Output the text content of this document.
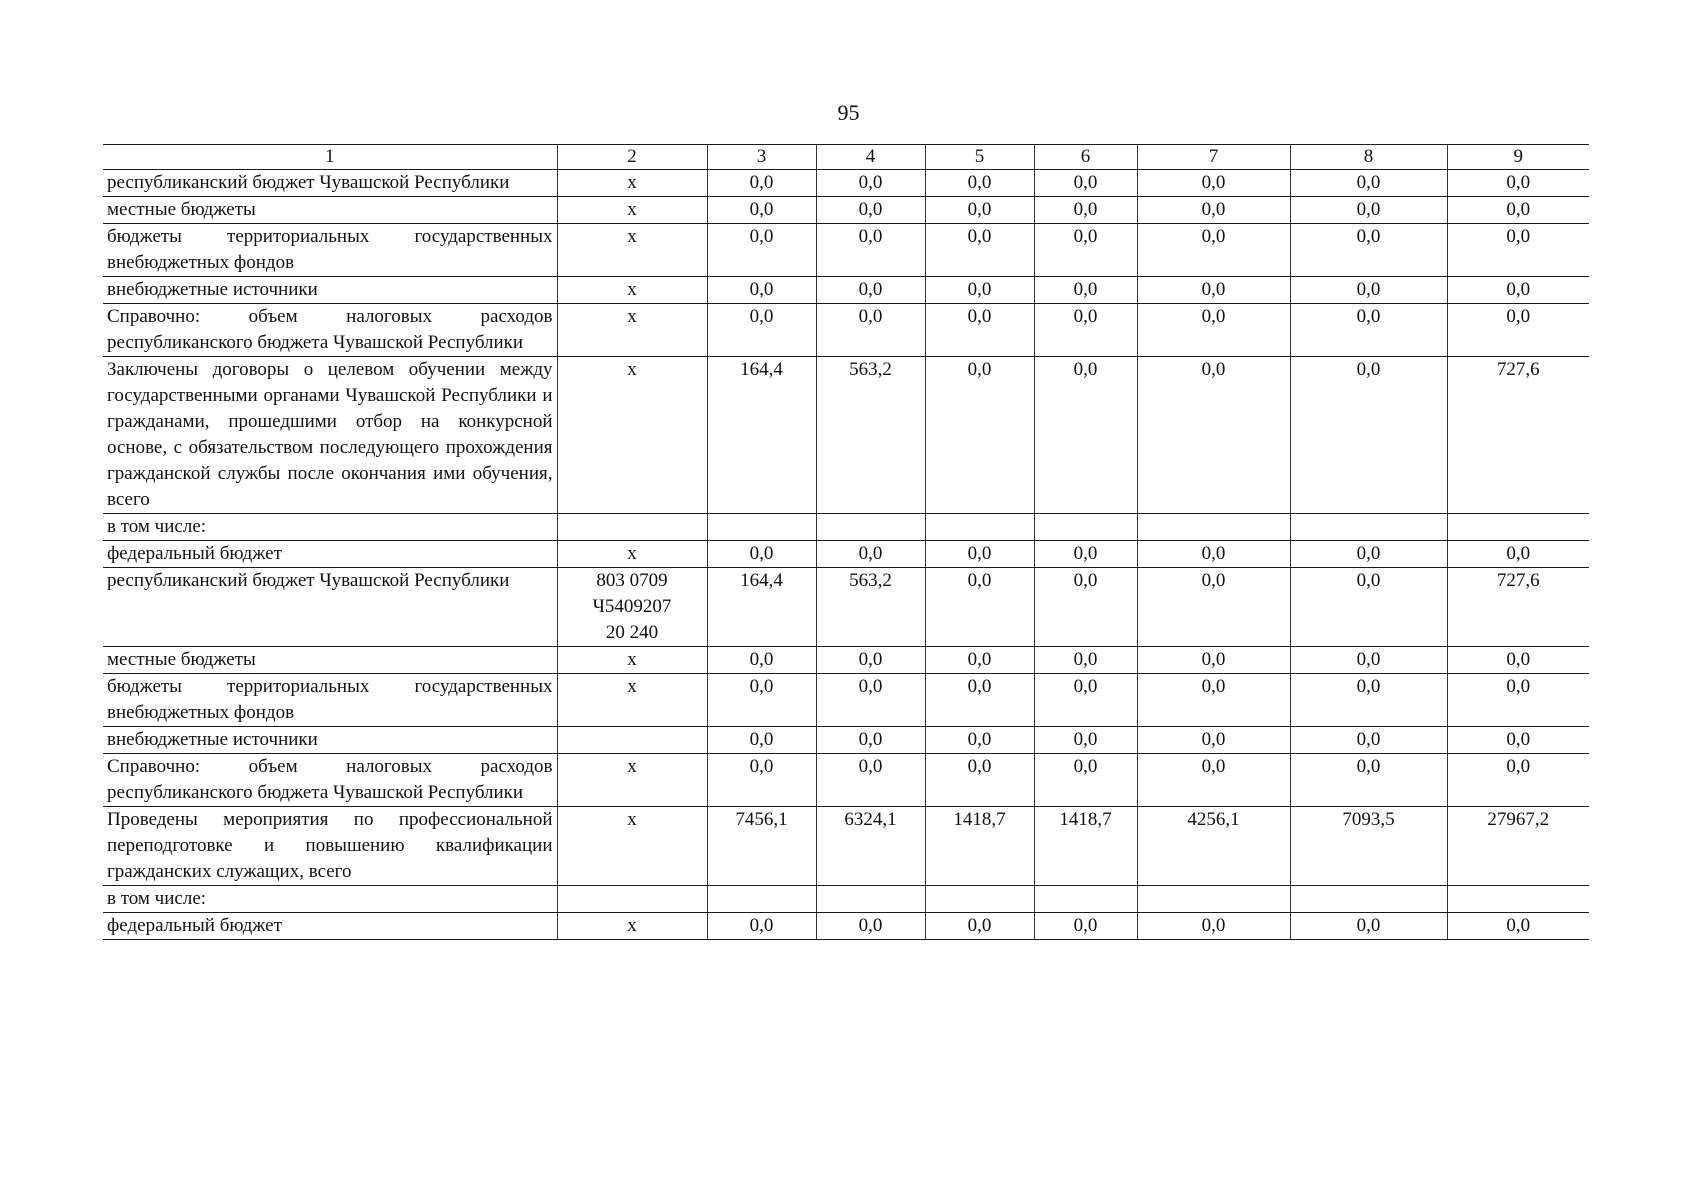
95
1	2	3	4	5	6	7	8	9
республиканский бюджет Чувашской Республики	x	0,0	0,0	0,0	0,0	0,0	0,0	0,0
местные бюджеты	x	0,0	0,0	0,0	0,0	0,0	0,0	0,0
бюджеты территориальных государственных внебюджетных фондов	x	0,0	0,0	0,0	0,0	0,0	0,0	0,0
внебюджетные источники	x	0,0	0,0	0,0	0,0	0,0	0,0	0,0
Справочно: объем налоговых расходов республиканского бюджета Чувашской Республики	x	0,0	0,0	0,0	0,0	0,0	0,0	0,0
Заключены договоры о целевом обучении между государственными органами Чувашской Республики и гражданами, прошедшими отбор на конкурсной основе, с обязательством последующего прохождения гражданской службы после окончания ими обучения, всего	x	164,4	563,2	0,0	0,0	0,0	0,0	727,6
в том числе:	

федеральный бюджет	x	0,0	0,0	0,0	0,0	0,0	0,0	0,0
республиканский бюджет Чувашской Республики	803 0709 Ч540920720 240	164,4	563,2	0,0	0,0	0,0	0,0	727,6
местные бюджеты	x	0,0	0,0	0,0	0,0	0,0	0,0	0,0
бюджеты территориальных государственных внебюджетных фондов	x	0,0	0,0	0,0	0,0	0,0	0,0	0,0
внебюджетные источники		0,0	0,0	0,0	0,0	0,0	0,0	0,0
Справочно: объем налоговых расходов республиканского бюджета Чувашской Республики	x	0,0	0,0	0,0	0,0	0,0	0,0	0,0
Проведены мероприятия по профессиональной переподготовке и повышению квалификации гражданских служащих, всего	x	7456,1	6324,1	1418,7	1418,7	4256,1	7093,5	27967,2
в том числе:	

федеральный бюджет	x	0,0	0,0	0,0	0,0	0,0	0,0	0,0
